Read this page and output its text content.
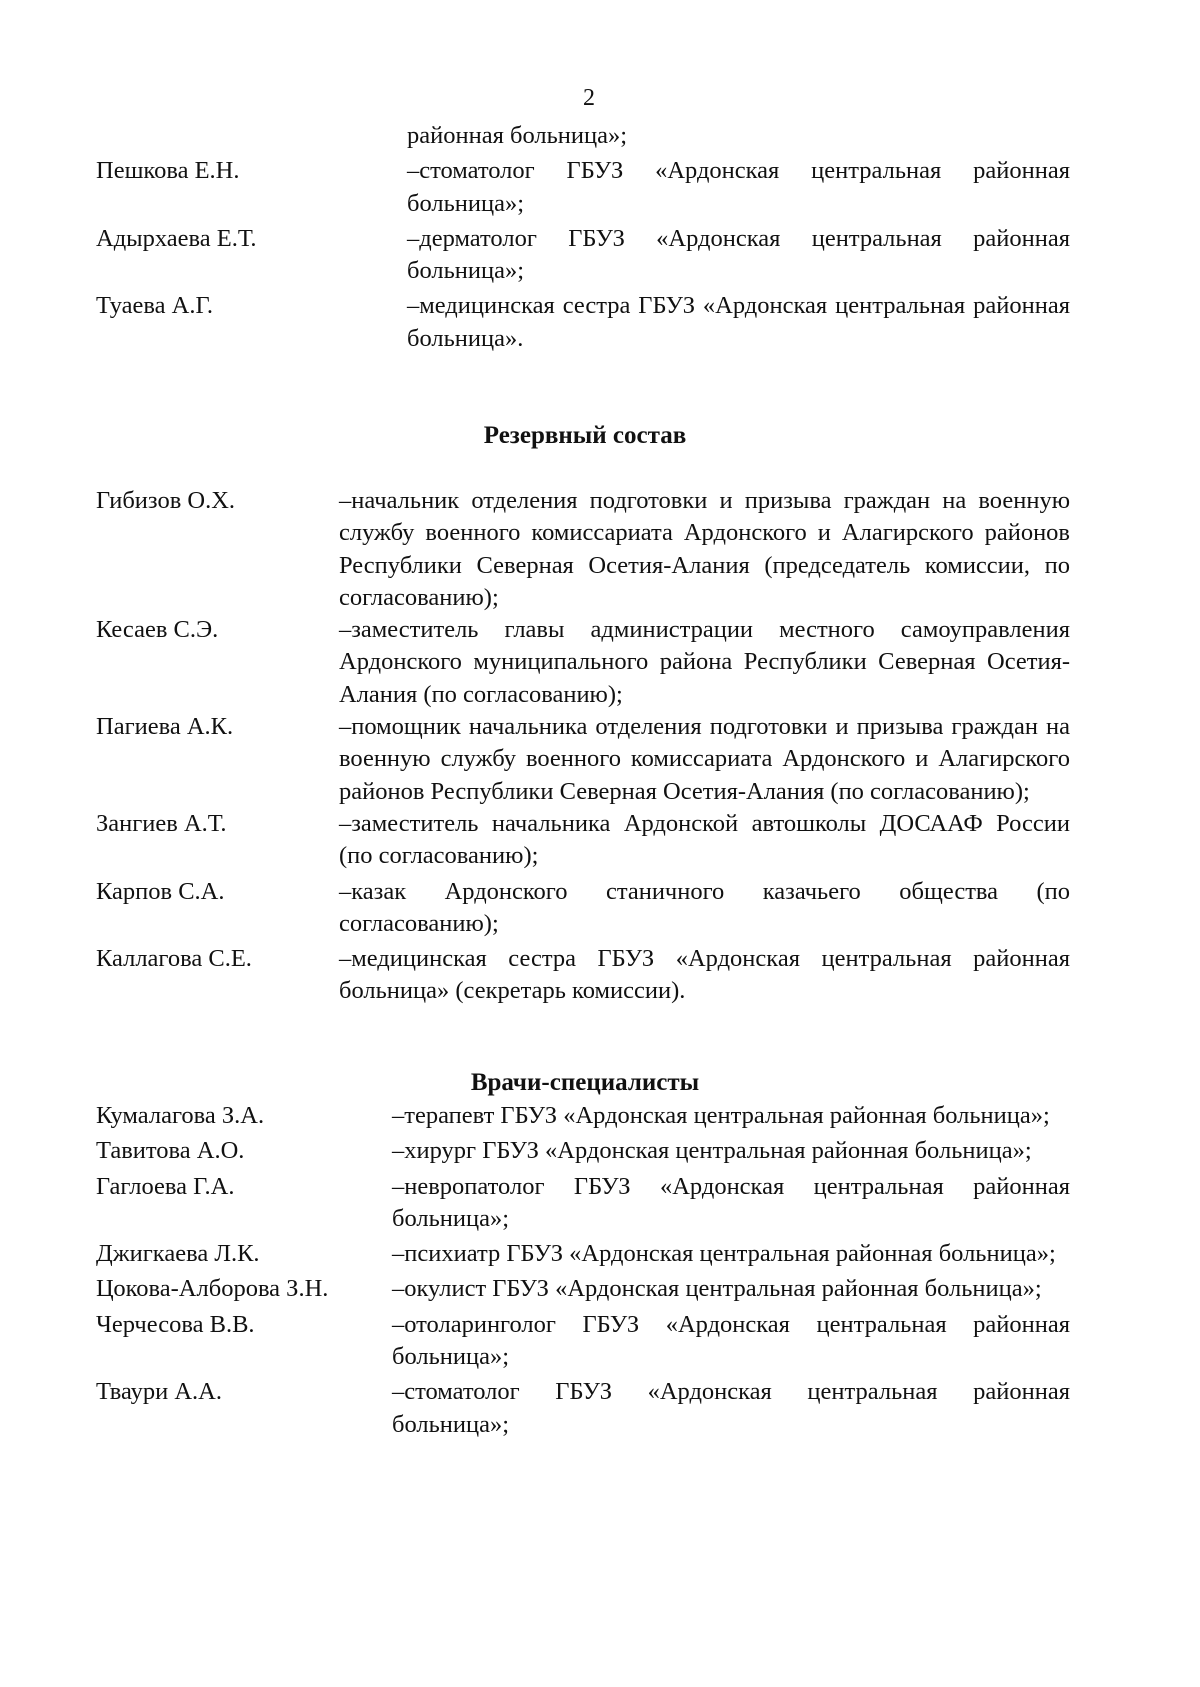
2
районная больница»;
Пешкова Е.Н.	–стоматолог ГБУЗ «Ардонская центральная районная больница»;
Адырхаева Е.Т.	–дерматолог ГБУЗ «Ардонская центральная районная больница»;
Туаева А.Г.	–медицинская сестра ГБУЗ «Ардонская центральная районная больница».
Резервный состав
Гибизов О.Х.	–начальник отделения подготовки и призыва граждан на военную службу военного комиссариата Ардонского и Алагирского районов Республики Северная Осетия-Алания (председатель комиссии, по согласованию);
Кесаев С.Э.	–заместитель главы администрации местного самоуправления Ардонского муниципального района Республики Северная Осетия-Алания (по согласованию);
Пагиева А.К.	–помощник начальника отделения подготовки и призыва граждан на военную службу военного комиссариата Ардонского и Алагирского районов Республики Северная Осетия-Алания (по согласованию);
Зангиев А.Т.	–заместитель начальника Ардонской автошколы ДОСААФ России (по согласованию);
Карпов С.А.	–казак Ардонского станичного казачьего общества (по согласованию);
Каллагова С.Е.	–медицинская сестра ГБУЗ «Ардонская центральная районная больница» (секретарь комиссии).
Врачи-специалисты
Кумалагова З.А.	–терапевт ГБУЗ «Ардонская центральная районная больница»;
Тавитова А.О.	–хирург ГБУЗ «Ардонская центральная районная больница»;
Гаглоева Г.А.	–невропатолог ГБУЗ «Ардонская центральная районная больница»;
Джигкаева Л.К.	–психиатр ГБУЗ «Ардонская центральная районная больница»;
Цокова-Алборова З.Н.	–окулист ГБУЗ «Ардонская центральная районная больница»;
Черчесова В.В.	–отоларинголог ГБУЗ «Ардонская центральная районная больница»;
Тваури А.А.	–стоматолог ГБУЗ «Ардонская центральная районная больница»;
